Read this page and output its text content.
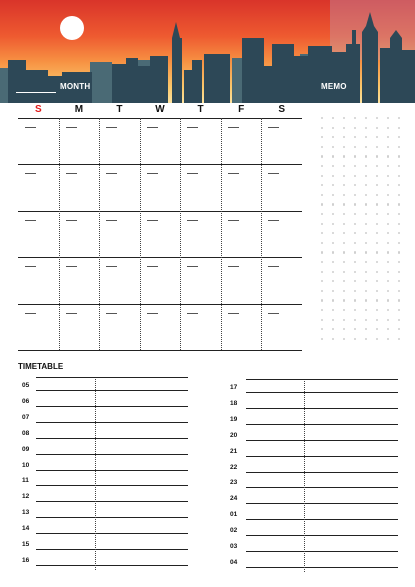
MONTH	MEMO
S	M	T	W	T	F	S
TIMETABLE
05
06
07
08
09
10
11
12
13
14
15
16
17
18
19
20
21
22
23
24
01
02
03
04
